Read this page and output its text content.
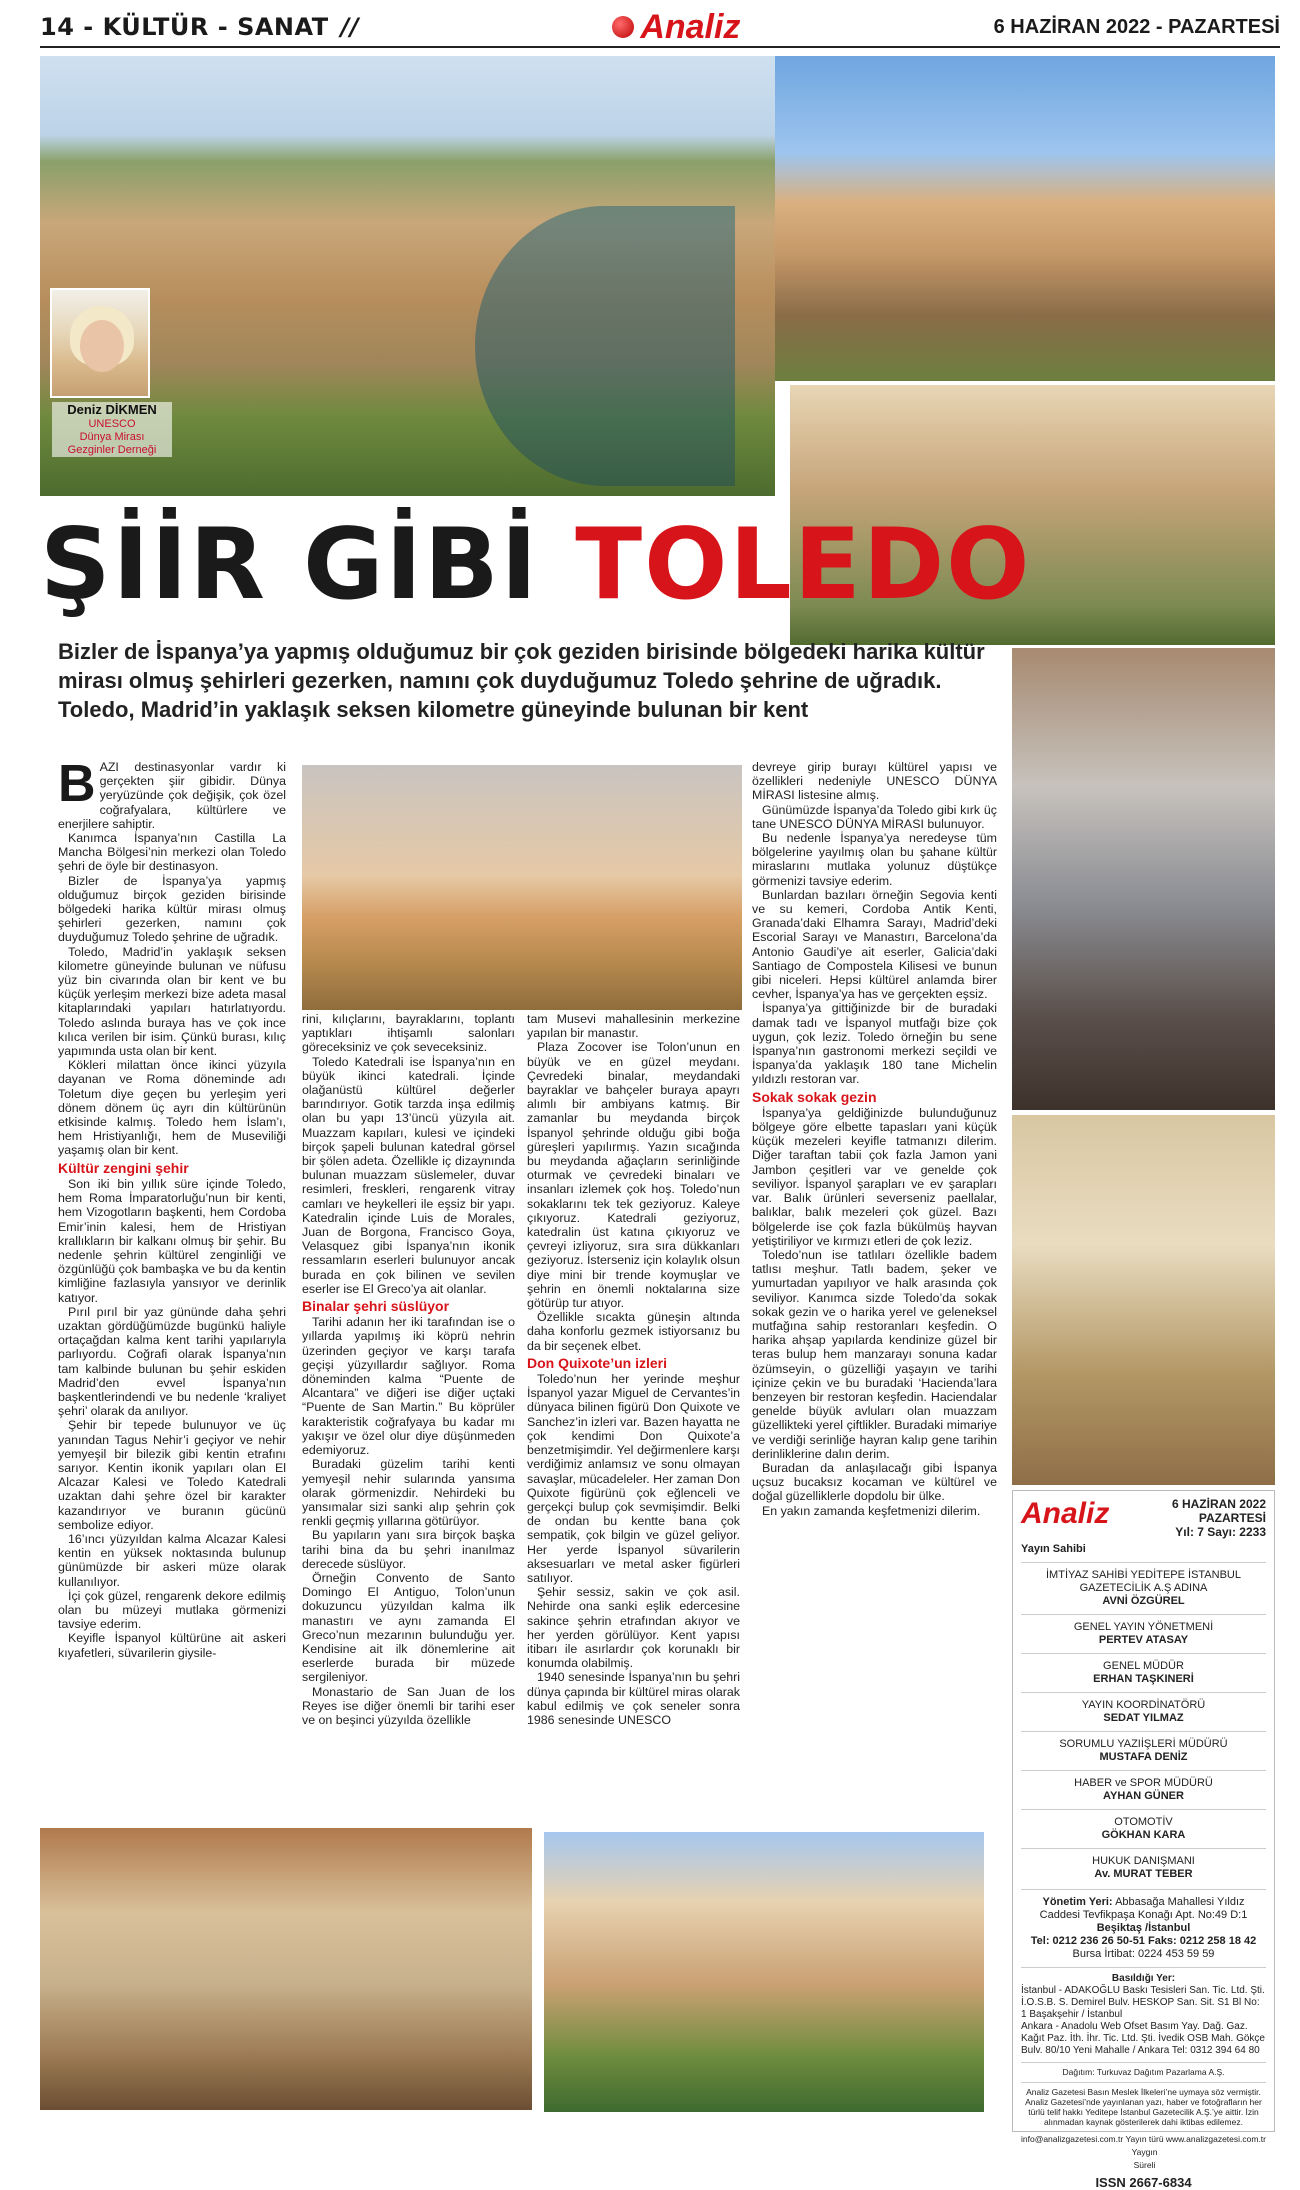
14 - KÜLTÜR - SANAT //	Analiz	6 HAZİRAN 2022 - PAZARTESİ
Deniz DİKMEN
UNESCO
Dünya Mirası
Gezginler Derneği
ŞİİR GİBİ TOLEDO
Bizler de İspanya’ya yapmış olduğumuz bir çok geziden birisinde bölgedeki harika kültür mirası olmuş şehirleri gezerken, namını çok duyduğumuz Toledo şehrine de uğradık. Toledo, Madrid’in yaklaşık seksen kilometre güneyinde bulunan bir kent

BAZI destinasyonlar vardır ki gerçekten şiir gibidir. Dünya yeryüzünde çok değişik, çok özel coğrafyalara, kültürlere ve enerjilere sahiptir.

Kanımca İspanya’nın Castilla La Mancha Bölgesi’nin merkezi olan Toledo şehri de öyle bir destinasyon.

Bizler de İspanya’ya yapmış olduğumuz birçok geziden birisinde bölgedeki harika kültür mirası olmuş şehirleri gezerken, namını çok duyduğumuz Toledo şehrine de uğradık.

Toledo, Madrid’in yaklaşık seksen kilometre güneyinde bulunan ve nüfusu yüz bin civarında olan bir kent ve bu küçük yerleşim merkezi bize adeta masal kitaplarındaki yapıları hatırlatıyordu. Toledo aslında buraya has ve çok ince kılıca verilen bir isim. Çünkü burası, kılıç yapımında usta olan bir kent.

Kökleri milattan önce ikinci yüzyıla dayanan ve Roma döneminde adı Toletum diye geçen bu yerleşim yeri dönem dönem üç ayrı din kültürünün etkisinde kalmış. Toledo hem İslam’ı, hem Hristiyanlığı, hem de Museviliği yaşamış olan bir kent.

Kültür zengini şehir

Son iki bin yıllık süre içinde Toledo, hem Roma İmparatorluğu’nun bir kenti, hem Vizogotların başkenti, hem Cordoba Emir’inin kalesi, hem de Hristiyan krallıkların bir kalkanı olmuş bir şehir. Bu nedenle şehrin kültürel zenginliği ve özgünlüğü çok bambaşka ve bu da kentin kimliğine fazlasıyla yansıyor ve derinlik katıyor.

Pırıl pırıl bir yaz gününde daha şehri uzaktan gördüğümüzde bugünkü haliyle ortaçağdan kalma kent tarihi yapılarıyla parlıyordu. Coğrafi olarak İspanya’nın tam kalbinde bulunan bu şehir eskiden Madrid’den evvel İspanya’nın başkentlerindendi ve bu nedenle ‘kraliyet şehri’ olarak da anılıyor.

Şehir bir tepede bulunuyor ve üç yanından Tagus Nehir’i geçiyor ve nehir yemyeşil bir bilezik gibi kentin etrafını sarıyor. Kentin ikonik yapıları olan El Alcazar Kalesi ve Toledo Katedrali uzaktan dahi şehre özel bir karakter kazandırıyor ve buranın gücünü sembolize ediyor.

16’ıncı yüzyıldan kalma Alcazar Kalesi kentin en yüksek noktasında bulunup günümüzde bir askeri müze olarak kullanılıyor.

İçi çok güzel, rengarenk dekore edilmiş olan bu müzeyi mutlaka görmenizi tavsiye ederim.

Keyifle İspanyol kültürüne ait askeri kıyafetleri, süvarilerin giysile-

rini, kılıçlarını, bayraklarını, toplantı yaptıkları ihtişamlı salonları göreceksiniz ve çok seveceksiniz.

Toledo Katedrali ise İspanya’nın en büyük ikinci katedrali. İçinde olağanüstü kültürel değerler barındırıyor. Gotik tarzda inşa edilmiş olan bu yapı 13’üncü yüzyıla ait. Muazzam kapıları, kulesi ve içindeki birçok şapeli bulunan katedral görsel bir şölen adeta. Özellikle iç dizaynında bulunan muazzam süslemeler, duvar resimleri, freskleri, rengarenk vitray camları ve heykelleri ile eşsiz bir yapı. Katedralin içinde Luis de Morales, Juan de Borgona, Francisco Goya, Velasquez gibi İspanya’nın ikonik ressamların eserleri bulunuyor ancak burada en çok bilinen ve sevilen eserler ise El Greco’ya ait olanlar.

Binalar şehri süslüyor

Tarihi adanın her iki tarafından ise o yıllarda yapılmış iki köprü nehrin üzerinden geçiyor ve karşı tarafa geçişi yüzyıllardır sağlıyor. Roma döneminden kalma “Puente de Alcantara” ve diğeri ise diğer uçtaki “Puente de San Martin.” Bu köprüler karakteristik coğrafyaya bu kadar mı yakışır ve özel olur diye düşünmeden edemiyoruz.

Buradaki güzelim tarihi kenti yemyeşil nehir sularında yansıma olarak görmenizdir. Nehirdeki bu yansımalar sizi sanki alıp şehrin çok renkli geçmiş yıllarına götürüyor.

Bu yapıların yanı sıra birçok başka tarihi bina da bu şehri inanılmaz derecede süslüyor.

Örneğin Convento de Santo Domingo El Antiguo, Tolon’unun dokuzuncu yüzyıldan kalma ilk manastırı ve aynı zamanda El Greco’nun mezarının bulunduğu yer. Kendisine ait ilk dönemlerine ait eserlerde burada bir müzede sergileniyor.

Monastario de San Juan de los Reyes ise diğer önemli bir tarihi eser ve on beşinci yüzyılda özellikle

tam Musevi mahallesinin merkezine yapılan bir manastır.

Plaza Zocover ise Tolon’unun en büyük ve en güzel meydanı. Çevredeki binalar, meydandaki bayraklar ve bahçeler buraya apayrı alımlı bir ambiyans katmış. Bir zamanlar bu meydanda birçok İspanyol şehrinde olduğu gibi boğa güreşleri yapılırmış. Yazın sıcağında bu meydanda ağaçların serinliğinde oturmak ve çevredeki binaları ve insanları izlemek çok hoş. Toledo’nun sokaklarını tek tek geziyoruz. Kaleye çıkıyoruz. Katedrali geziyoruz, katedralin üst katına çıkıyoruz ve çevreyi izliyoruz, sıra sıra dükkanları geziyoruz. İsterseniz için kolaylık olsun diye mini bir trende koymuşlar ve şehrin en önemli noktalarına size götürüp tur atıyor.

Özellikle sıcakta güneşin altında daha konforlu gezmek istiyorsanız bu da bir seçenek elbet.

Don Quixote’un izleri

Toledo’nun her yerinde meşhur İspanyol yazar Miguel de Cervantes’in dünyaca bilinen figürü Don Quixote ve Sanchez’in izleri var. Bazen hayatta ne çok kendimi Don Quixote’a benzetmişimdir. Yel değirmenlere karşı verdiğimiz anlamsız ve sonu olmayan savaşlar, mücadeleler. Her zaman Don Quixote figürünü çok eğlenceli ve gerçekçi bulup çok sevmişimdir. Belki de ondan bu kentte bana çok sempatik, çok bilgin ve güzel geliyor. Her yerde İspanyol süvarilerin aksesuarları ve metal asker figürleri satılıyor.

Şehir sessiz, sakin ve çok asil. Nehirde ona sanki eşlik edercesine sakince şehrin etrafından akıyor ve her yerden görülüyor. Kent yapısı itibarı ile asırlardır çok korunaklı bir konumda olabilmiş.

1940 senesinde İspanya’nın bu şehri dünya çapında bir kültürel miras olarak kabul edilmiş ve çok seneler sonra 1986 senesinde UNESCO

devreye girip burayı kültürel yapısı ve özellikleri nedeniyle UNESCO DÜNYA MİRASI listesine almış.

Günümüzde İspanya’da Toledo gibi kırk üç tane UNESCO DÜNYA MİRASI bulunuyor.

Bu nedenle İspanya’ya neredeyse tüm bölgelerine yayılmış olan bu şahane kültür miraslarını mutlaka yolunuz düştükçe görmenizi tavsiye ederim.

Bunlardan bazıları örneğin Segovia kenti ve su kemeri, Cordoba Antik Kenti, Granada’daki Elhamra Sarayı, Madrid’deki Escorial Sarayı ve Manastırı, Barcelona’da Antonio Gaudi’ye ait eserler, Galicia’daki Santiago de Compostela Kilisesi ve bunun gibi niceleri. Hepsi kültürel anlamda birer cevher, İspanya’ya has ve gerçekten eşsiz.

İspanya’ya gittiğinizde bir de buradaki damak tadı ve İspanyol mutfağı bize çok uygun, çok leziz. Toledo örneğin bu sene İspanya’nın gastronomi merkezi seçildi ve İspanya’da yaklaşık 180 tane Michelin yıldızlı restoran var.

Sokak sokak gezin

İspanya’ya geldiğinizde bulunduğunuz bölgeye göre elbette tapasları yani küçük küçük mezeleri keyifle tatmanızı dilerim. Diğer taraftan tabii çok fazla Jamon yani Jambon çeşitleri var ve genelde çok seviliyor. İspanyol şarapları ve ev şarapları var. Balık ürünleri severseniz paellalar, balıklar, balık mezeleri çok güzel. Bazı bölgelerde ise çok fazla bükülmüş hayvan yetiştiriliyor ve kırmızı etleri de çok leziz.

Toledo’nun ise tatlıları özellikle badem tatlısı meşhur. Tatlı badem, şeker ve yumurtadan yapılıyor ve halk arasında çok seviliyor. Kanımca sizde Toledo’da sokak sokak gezin ve o harika yerel ve geleneksel mutfağına sahip restoranları keşfedin. O harika ahşap yapılarda kendinize güzel bir teras bulup hem manzarayı sonuna kadar özümseyin, o güzelliği yaşayın ve tarihi içinize çekin ve bu buradaki ‘Hacienda’lara benzeyen bir restoran keşfedin. Haciendalar genelde büyük avluları olan muazzam güzellikteki yerel çiftlikler. Buradaki mimariye ve verdiği serinliğe hayran kalıp gene tarihin derinliklerine dalın derim.

Buradan da anlaşılacağı gibi İspanya uçsuz bucaksız kocaman ve kültürel ve doğal güzelliklerle dopdolu bir ülke.

En yakın zamanda keşfetmenizi dilerim.	Analiz	6 HAZİRAN 2022
PAZARTESİ
Yıl: 7 Sayı: 2233
Yayın Sahibi
İMTİYAZ SAHİBİ YEDİTEPE İSTANBUL GAZETECİLİK A.Ş ADINA
AVNİ ÖZGÜREL
GENEL YAYIN YÖNETMENİ
PERTEV ATASAY
GENEL MÜDÜR
ERHAN TAŞKINERİ
YAYIN KOORDİNATÖRÜ
SEDAT YILMAZ
SORUMLU YAZIİŞLERİ MÜDÜRÜ
MUSTAFA DENİZ
HABER ve SPOR MÜDÜRÜ
AYHAN GÜNER
OTOMOTİV
GÖKHAN KARA
HUKUK DANIŞMANI
Av. MURAT TEBER
Yönetim Yeri: Abbasağa Mahallesi Yıldız Caddesi Tevfikpaşa Konağı Apt. No:49 D:1
Beşiktaş /İstanbul
Tel: 0212 236 26 50-51 Faks: 0212 258 18 42
Bursa İrtibat: 0224 453 59 59
Basıldığı Yer:
İstanbul - ADAKOĞLU Baskı Tesisleri San. Tic. Ltd. Şti. İ.O.S.B. S. Demirel Bulv. HESKOP San. Sit. S1 Bl No: 1 Başakşehir / İstanbul
Ankara - Anadolu Web Ofset Basım Yay. Dağ. Gaz. Kağıt Paz. İth. İhr. Tic. Ltd. Şti. İvedik OSB Mah. Gökçe Bulv. 80/10 Yeni Mahalle / Ankara Tel: 0312 394 64 80
Dağıtım: Turkuvaz Dağıtım Pazarlama A.Ş.
Analiz Gazetesi Basın Meslek İlkeleri’ne uymaya söz vermiştir. Analiz Gazetesi’nde yayınlanan yazı, haber ve fotoğrafların her türlü telif hakkı Yeditepe İstanbul Gazetecilik A.Ş.’ye aittir. İzin alınmadan kaynak gösterilerek dahi iktibas edilemez.
info@analizgazetesi.com.tr Yayın türü Yaygın Süreli
www.analizgazetesi.com.tr
ISSN 2667-6834
